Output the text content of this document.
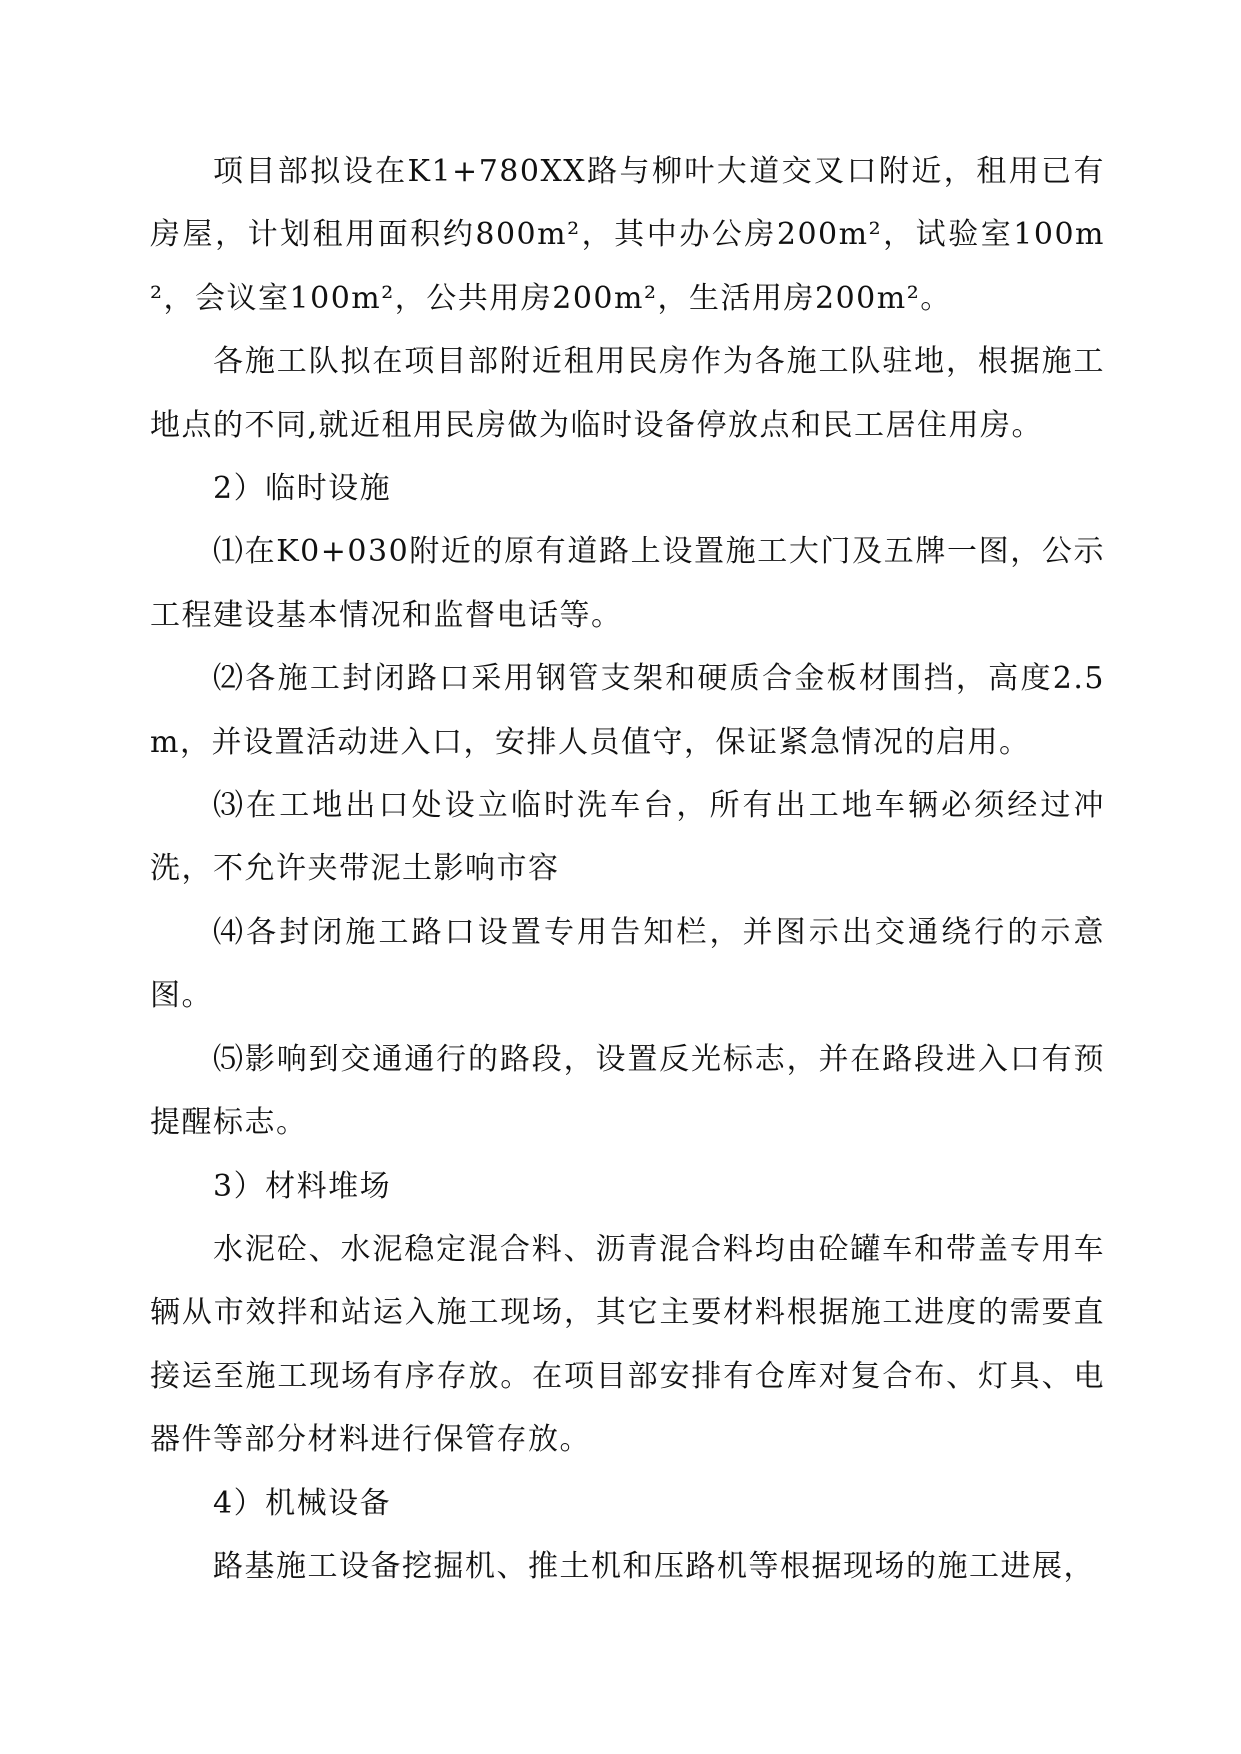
项目部拟设在K1+780XX路与柳叶大道交叉口附近，租用已有房屋，计划租用面积约800m²，其中办公房200m²，试验室100m²，会议室100m²，公共用房200m²，生活用房200m²。

各施工队拟在项目部附近租用民房作为各施工队驻地，根据施工地点的不同,就近租用民房做为临时设备停放点和民工居住用房。

2）临时设施

⑴在K0+030附近的原有道路上设置施工大门及五牌一图，公示工程建设基本情况和监督电话等。

⑵各施工封闭路口采用钢管支架和硬质合金板材围挡，高度2.5m，并设置活动进入口，安排人员值守，保证紧急情况的启用。

⑶在工地出口处设立临时洗车台，所有出工地车辆必须经过冲洗，不允许夹带泥土影响市容

⑷各封闭施工路口设置专用告知栏，并图示出交通绕行的示意图。

⑸影响到交通通行的路段，设置反光标志，并在路段进入口有预提醒标志。

3）材料堆场

水泥砼、水泥稳定混合料、沥青混合料均由砼罐车和带盖专用车辆从市效拌和站运入施工现场，其它主要材料根据施工进度的需要直接运至施工现场有序存放。在项目部安排有仓库对复合布、灯具、电器件等部分材料进行保管存放。

4）机械设备

路基施工设备挖掘机、推土机和压路机等根据现场的施工进展，
